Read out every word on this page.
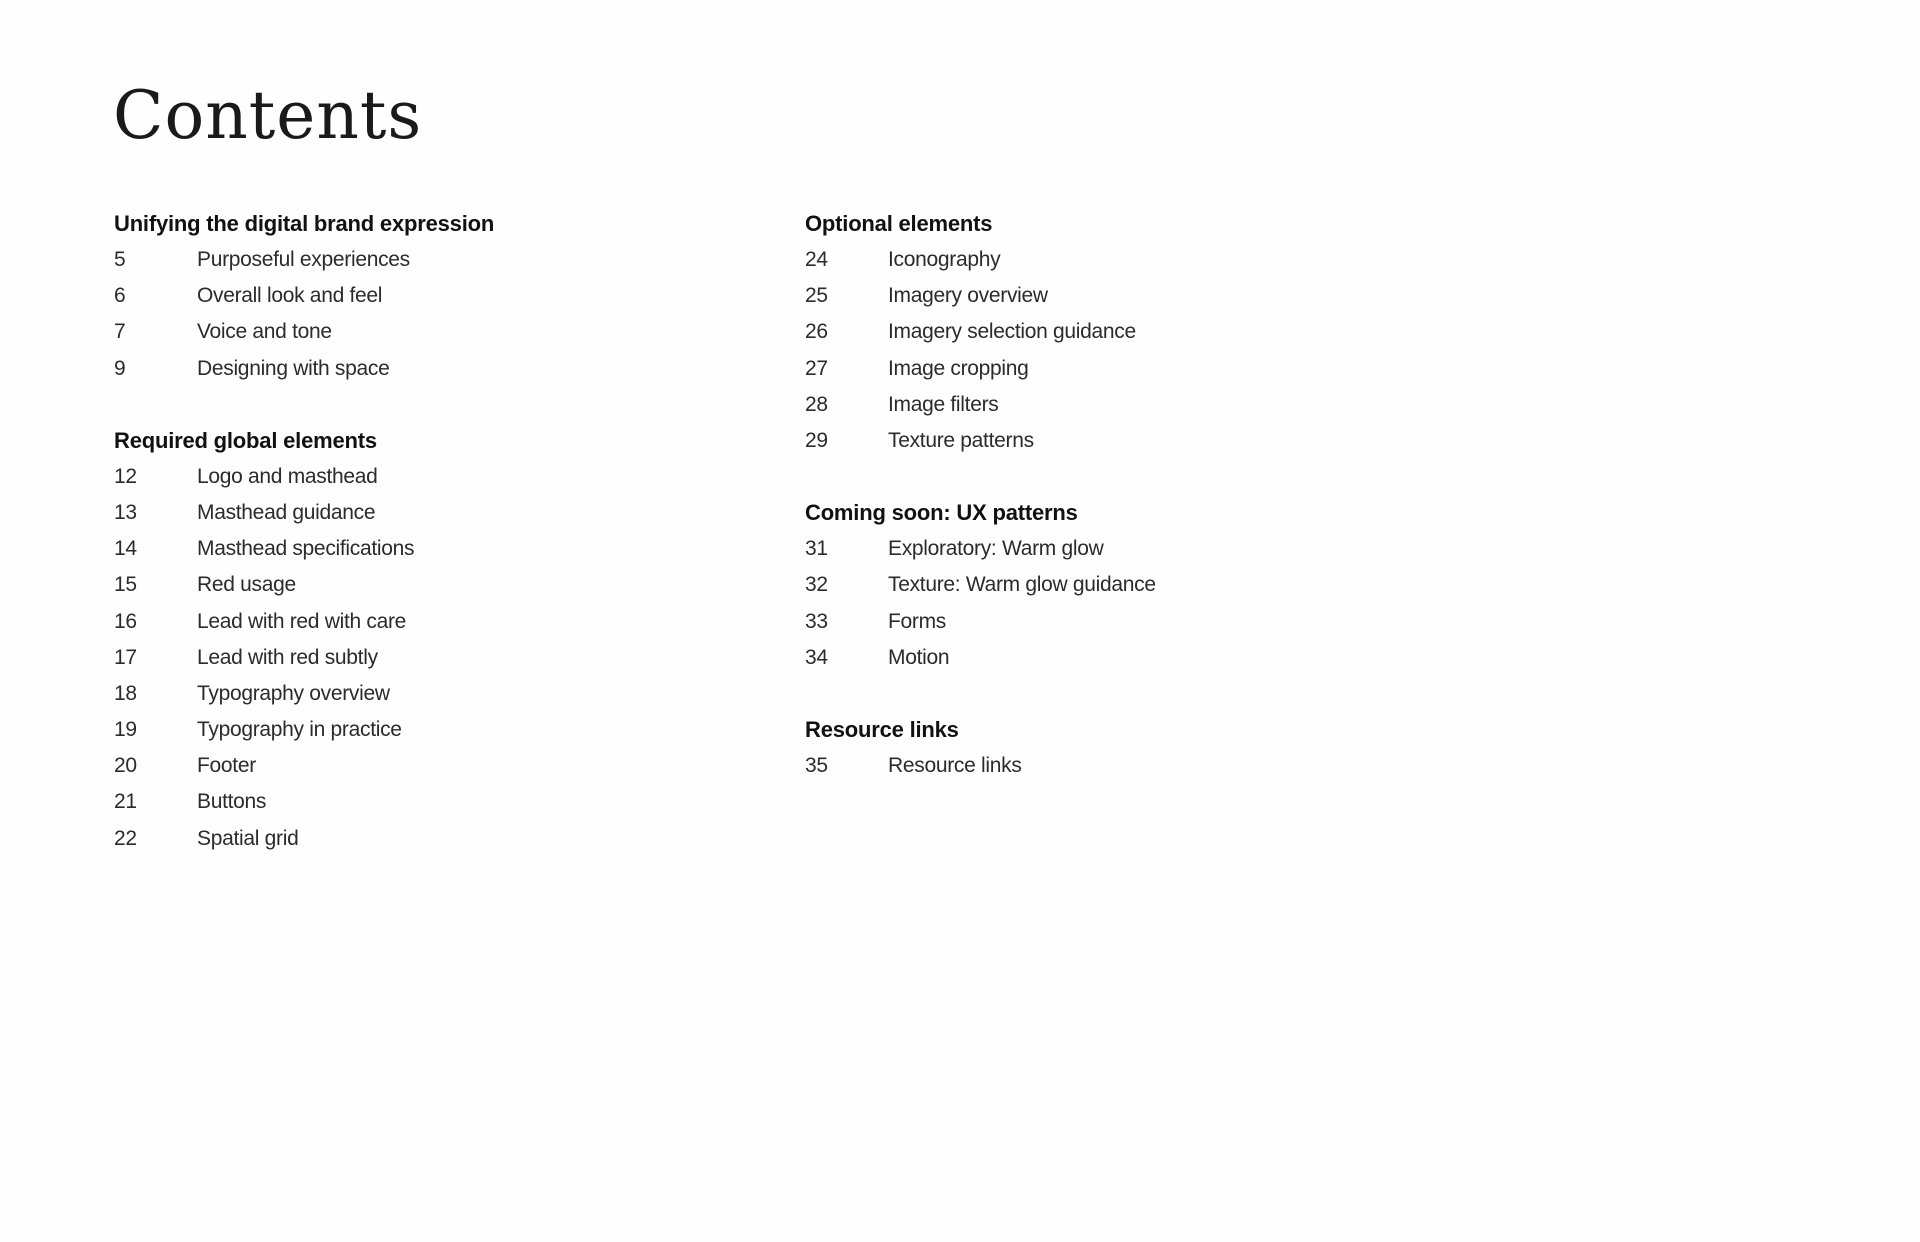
Contents
Unifying the digital brand expression
5	Purposeful experiences
6	Overall look and feel
7	Voice and tone
9	Designing with space
Required global elements
12	Logo and masthead
13	Masthead guidance
14	Masthead specifications
15	Red usage
16	Lead with red with care
17	Lead with red subtly
18	Typography overview
19	Typography in practice
20	Footer
21	Buttons
22	Spatial grid
Optional elements
24	Iconography
25	Imagery overview
26	Imagery selection guidance
27	Image cropping
28	Image filters
29	Texture patterns
Coming soon: UX patterns
31	Exploratory: Warm glow
32	Texture: Warm glow guidance
33	Forms
34	Motion
Resource links
35	Resource links
